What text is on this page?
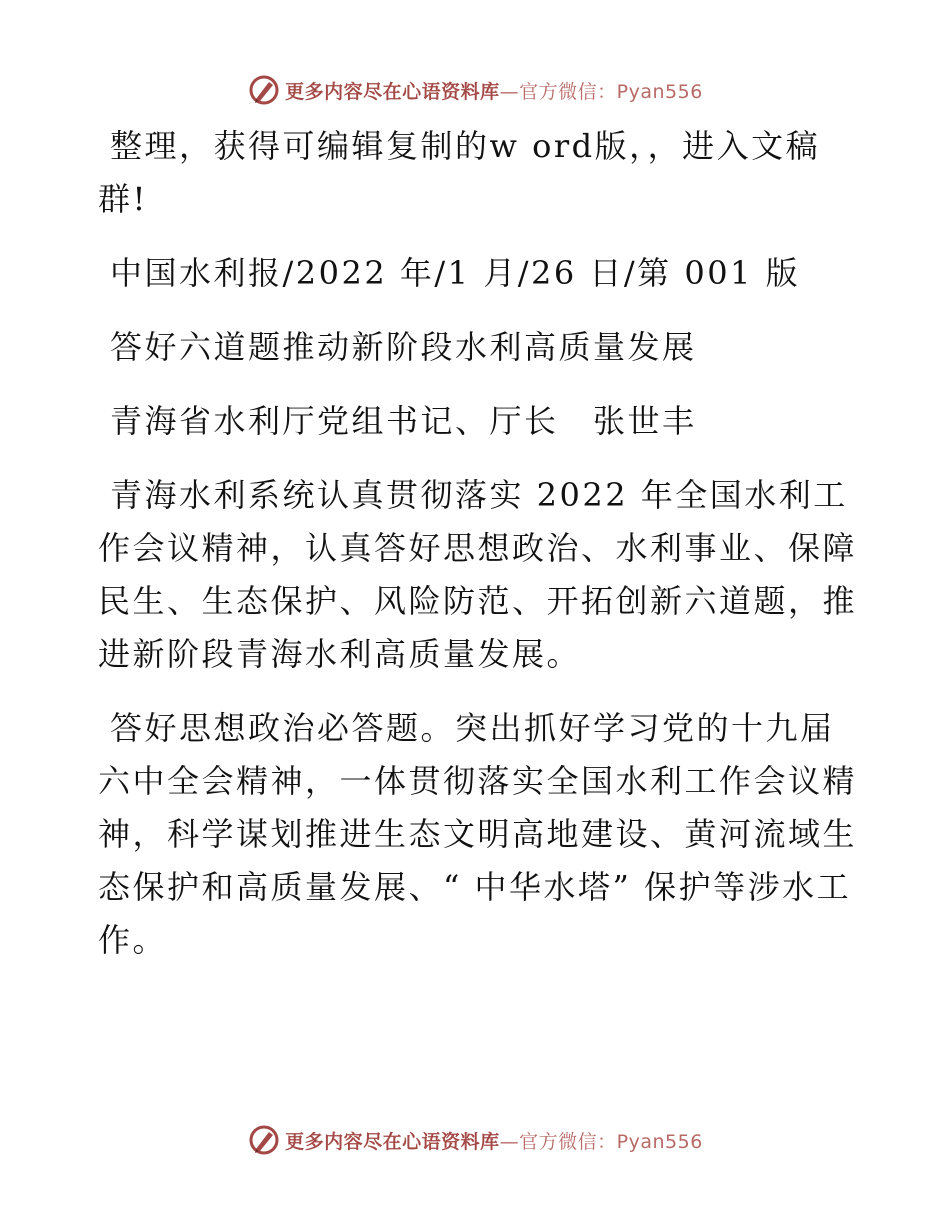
更多内容尽在心语资料库 —官方微信：Pyan556

整理，获得可编辑复制的w ord版，，进入文稿群!

中国水利报/2022 年/1 月/26 日/第 001 版

答好六道题推动新阶段水利高质量发展

青海省水利厅党组书记、厅长　张世丰

青海水利系统认真贯彻落实 2022 年全国水利工作会议精神，认真答好思想政治、水利事业、保障民生、生态保护、风险防范、开拓创新六道题，推进新阶段青海水利高质量发展。

答好思想政治必答题。突出抓好学习党的十九届六中全会精神，一体贯彻落实全国水利工作会议精神，科学谋划推进生态文明高地建设、黄河流域生态保护和高质量发展、“ 中华水塔” 保护等涉水工作。

更多内容尽在心语资料库 —官方微信：Pyan556
